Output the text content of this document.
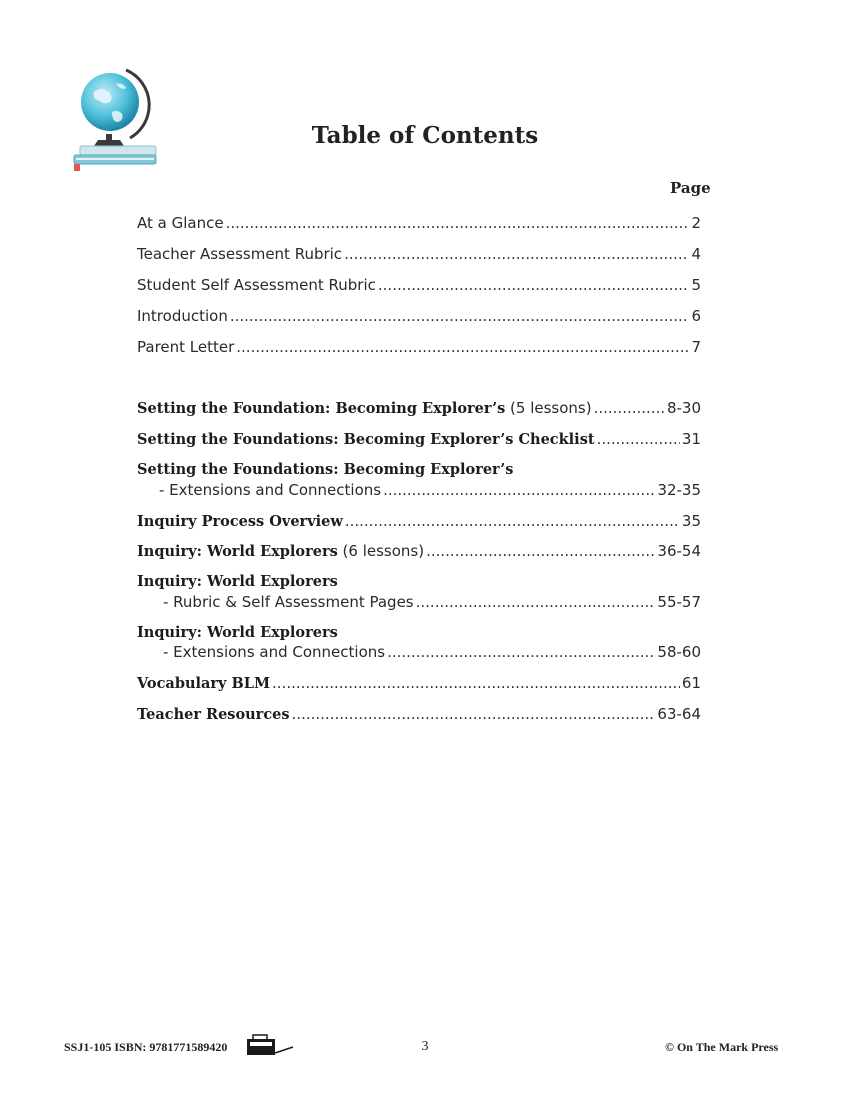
Table of Contents
Page
At a Glance .....	2
Teacher Assessment Rubric .....	4
Student Self Assessment Rubric .....	5
Introduction .....	6
Parent Letter .....	7
Setting the Foundation: Becoming Explorer’s (5 lessons) .....	8-30
Setting the Foundations: Becoming Explorer’s Checklist .....	31
Setting the Foundations: Becoming Explorer’s
- Extensions and Connections .....	32-35
Inquiry Process Overview .....	35
Inquiry: World Explorers (6 lessons) .....	36-54
Inquiry: World Explorers
- Rubric & Self Assessment Pages .....	55-57
Inquiry: World Explorers
- Extensions and Connections .....	58-60
Vocabulary BLM .....	61
Teacher Resources .....	63-64
SSJ1-105 ISBN: 9781771589420	3	© On The Mark Press
